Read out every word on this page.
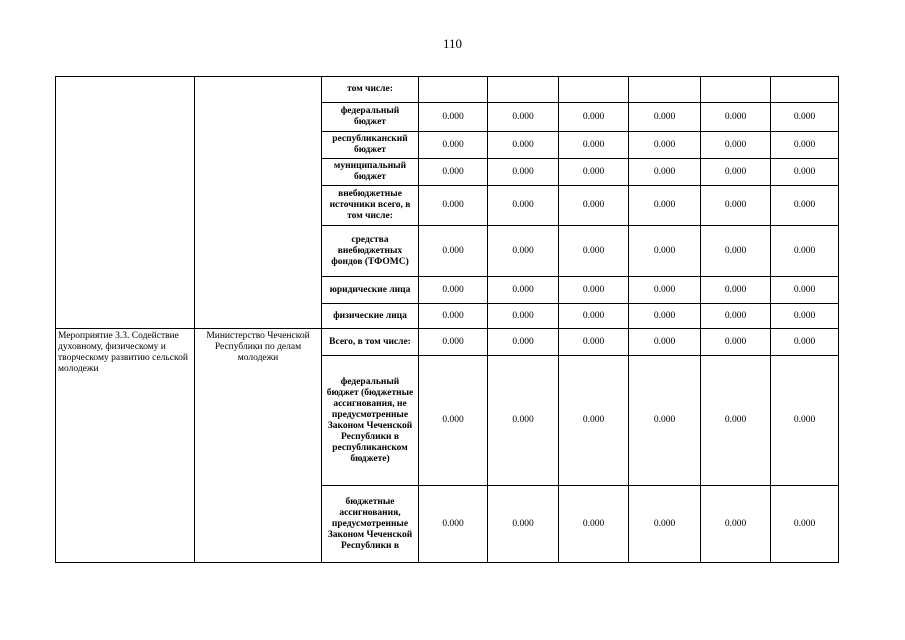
110
		том числе:						
		федеральный бюджет	0.000	0.000	0.000	0.000	0.000	0.000
		республиканский бюджет	0.000	0.000	0.000	0.000	0.000	0.000
		муниципальный бюджет	0.000	0.000	0.000	0.000	0.000	0.000
		внебюджетные источники всего, в том числе:	0.000	0.000	0.000	0.000	0.000	0.000
		средства внебюджетных фондов (ТФОМС)	0.000	0.000	0.000	0.000	0.000	0.000
		юридические лица	0.000	0.000	0.000	0.000	0.000	0.000
		физические лица	0.000	0.000	0.000	0.000	0.000	0.000
Мероприятие 3.3. Содействие духовному, физическому и творческому развитию сельской молодежи	Министерство Чеченской Республики по делам молодежи	Всего, в том числе:	0.000	0.000	0.000	0.000	0.000	0.000
		федеральный бюджет (бюджетные ассигнования, не предусмотренные Законом Чеченской Республики в республиканском бюджете)	0.000	0.000	0.000	0.000	0.000	0.000
		бюджетные ассигнования, предусмотренные Законом Чеченской Республики в	0.000	0.000	0.000	0.000	0.000	0.000
